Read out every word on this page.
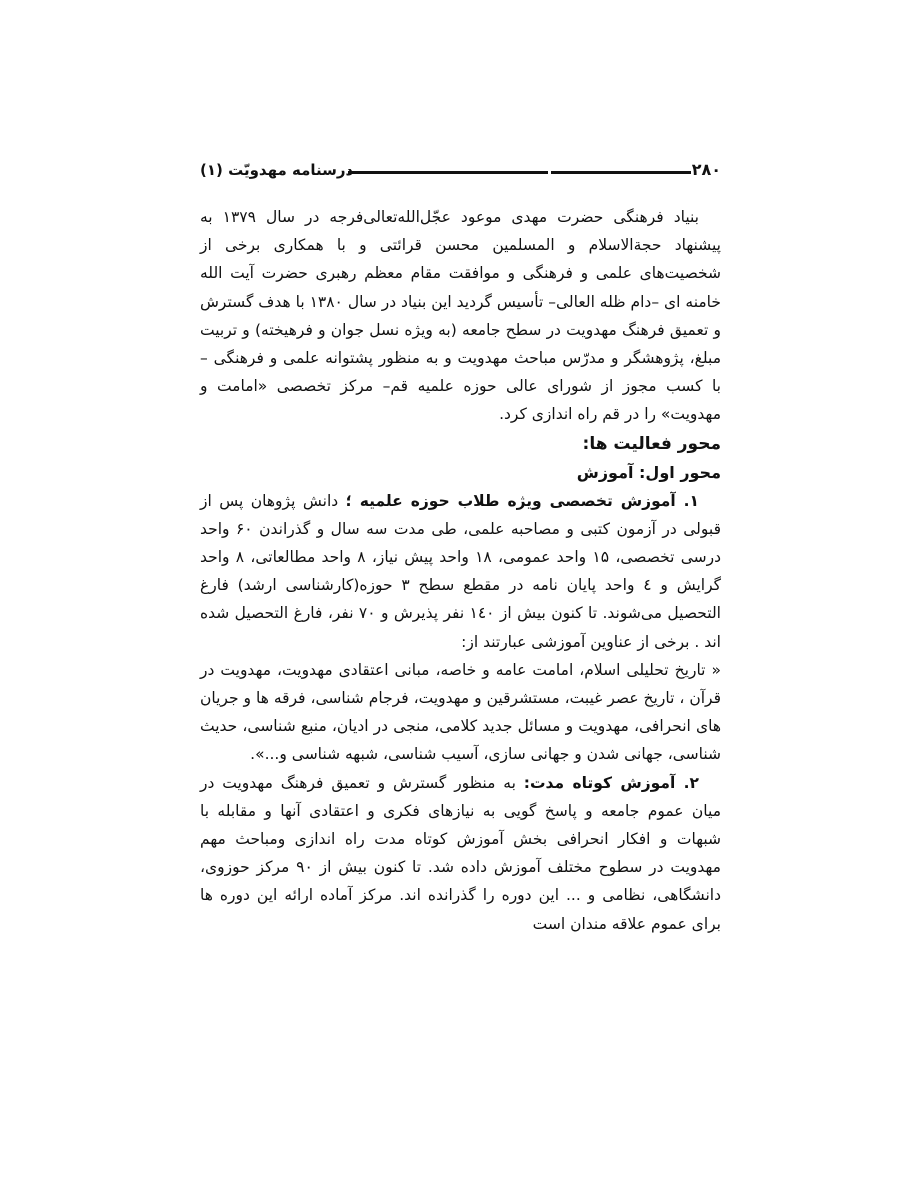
۲۸۰
درسنامه مهدویّت (۱)

بنیاد فرهنگی حضرت مهدی موعود عجّل‌الله‌تعالی‌فرجه در سال ۱۳۷۹ به پیشنهاد حجةالاسلام و المسلمین محسن قرائتی و با همکاری برخی از شخصیت‌های علمی و فرهنگی و موافقت مقام معظم رهبری حضرت آیت الله خامنه ای –دام ظله العالی– تأسیس گردید این بنیاد در سال ۱۳۸۰ با هدف گسترش و تعمیق فرهنگ مهدویت در سطح جامعه (به ویژه نسل جوان و فرهیخته) و تربیت مبلغ، پژوهشگر و مدرّس مباحث مهدویت و به منظور پشتوانه علمی و فرهنگی – با کسب مجوز از شورای عالی حوزه علمیه قم– مرکز تخصصی «امامت و مهدویت» را در قم راه اندازی کرد.

محور فعالیت ها:

محور اول: آموزش

۱. آموزش تخصصی ویژه طلاب حوزه علمیه ؛ دانش پژوهان پس از قبولی در آزمون کتبی و مصاحبه علمی، طی مدت سه سال و گذراندن ۶۰ واحد درسی تخصصی، ۱۵ واحد عمومی، ۱۸ واحد پیش نیاز، ۸ واحد مطالعاتی، ۸ واحد گرایش و ٤ واحد پایان نامه در مقطع سطح ۳ حوزه(کارشناسی ارشد) فارغ التحصیل می‌شوند. تا کنون بیش از ۱٤۰ نفر پذیرش و ۷۰ نفر، فارغ التحصیل شده اند . برخی از عناوین آموزشی عبارتند از:

« تاریخ تحلیلی اسلام، امامت عامه و خاصه، مبانی اعتقادی مهدویت، مهدویت در قرآن ، تاریخ عصر غیبت، مستشرقین و مهدویت، فرجام شناسی، فرقه ها و جریان های انحرافی، مهدویت و مسائل جدید کلامی، منجی در ادیان، منبع شناسی، حدیث شناسی، جهانی شدن و جهانی سازی، آسیب شناسی، شبهه شناسی و...».

۲. آموزش کوتاه مدت: به منظور گسترش و تعمیق فرهنگ مهدویت در میان عموم جامعه و پاسخ گویی به نیازهای فکری و اعتقادی آنها و مقابله با شبهات و افکار انحرافی بخش آموزش کوتاه مدت راه اندازی ومباحث مهم مهدویت در سطوح مختلف آموزش داده شد. تا کنون بیش از ۹۰ مرکز حوزوی، دانشگاهی، نظامی و ... این دوره را گذرانده اند. مرکز آماده ارائه این دوره ها برای عموم علاقه مندان است
